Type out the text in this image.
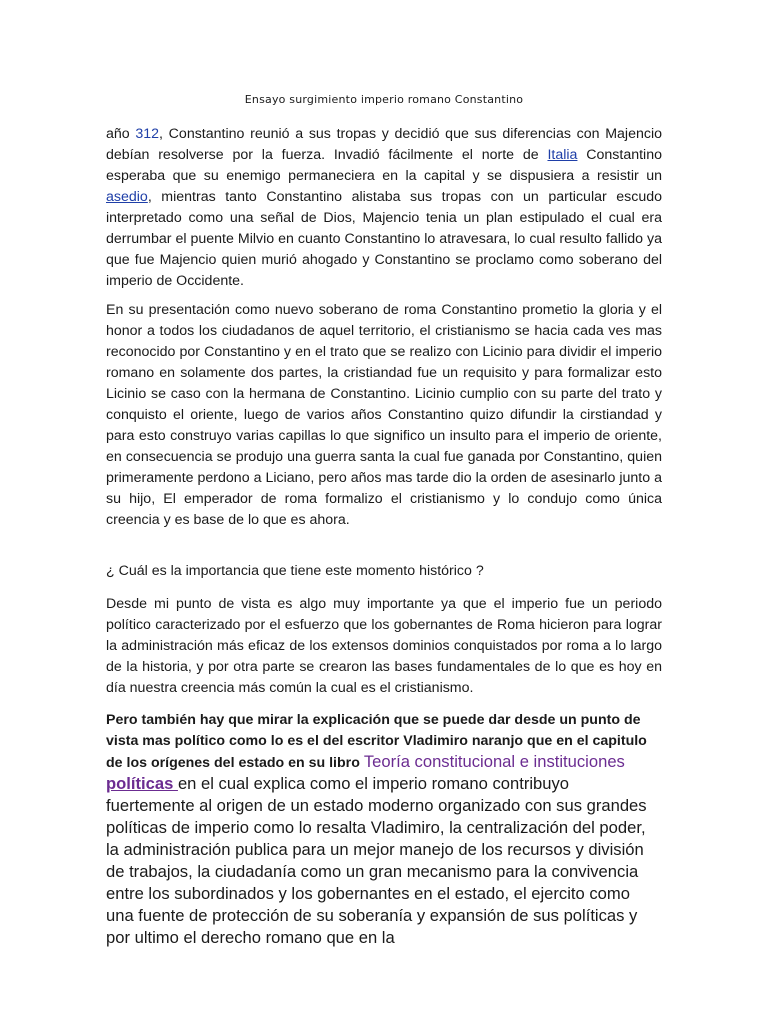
Ensayo surgimiento imperio romano Constantino

año 312, Constantino reunió a sus tropas y decidió que sus diferencias con Majencio debían resolverse por la fuerza. Invadió fácilmente el norte de Italia Constantino esperaba que su enemigo permaneciera en la capital y se dispusiera a resistir un asedio, mientras tanto Constantino alistaba sus tropas con un particular escudo interpretado como una señal de Dios, Majencio tenia un plan estipulado el cual era derrumbar el puente Milvio en cuanto Constantino lo atravesara, lo cual resulto fallido ya que fue Majencio quien murió ahogado y Constantino se proclamo como soberano del imperio de Occidente.

En su presentación como nuevo soberano de roma Constantino prometio la gloria y el honor a todos los ciudadanos de aquel territorio, el cristianismo se hacia cada ves mas reconocido por Constantino y en el trato que se realizo con Licinio para dividir el imperio romano en solamente dos partes, la cristiandad fue un requisito y para formalizar esto Licinio se caso con la hermana de Constantino. Licinio cumplio con su parte del trato y conquisto el oriente, luego de varios años Constantino quizo difundir la cirstiandad y para esto construyo varias capillas lo que significo un insulto para el imperio de oriente, en consecuencia se produjo una guerra santa la cual fue ganada por Constantino, quien primeramente perdono a Liciano, pero años mas tarde dio la orden de asesinarlo junto a su hijo, El emperador de roma formalizo el cristianismo y lo condujo como única creencia y es base de lo que es ahora.

¿ Cuál es la importancia que tiene este momento histórico ?

Desde mi punto de vista es algo muy importante ya que el imperio fue un periodo político caracterizado por el esfuerzo que los gobernantes de Roma hicieron para lograr la administración más eficaz de los extensos dominios conquistados por roma a lo largo de la historia, y por otra parte se crearon las bases fundamentales de lo que es hoy en día nuestra creencia más común la cual es el cristianismo.

Pero también hay que mirar la explicación que se puede dar desde un punto de vista mas político como lo es el del escritor Vladimiro naranjo que en el capitulo de los orígenes del estado en su libro Teoría constitucional e instituciones políticas en el cual explica como el imperio romano contribuyo fuertemente al origen de un estado moderno organizado con sus grandes políticas de imperio como lo resalta Vladimiro, la centralización del poder, la administración publica para un mejor manejo de los recursos y división de trabajos, la ciudadanía como un gran mecanismo para la convivencia entre los subordinados y los gobernantes en el estado, el ejercito como una fuente de protección de su soberanía y expansión de sus políticas y por ultimo el derecho romano que en la
